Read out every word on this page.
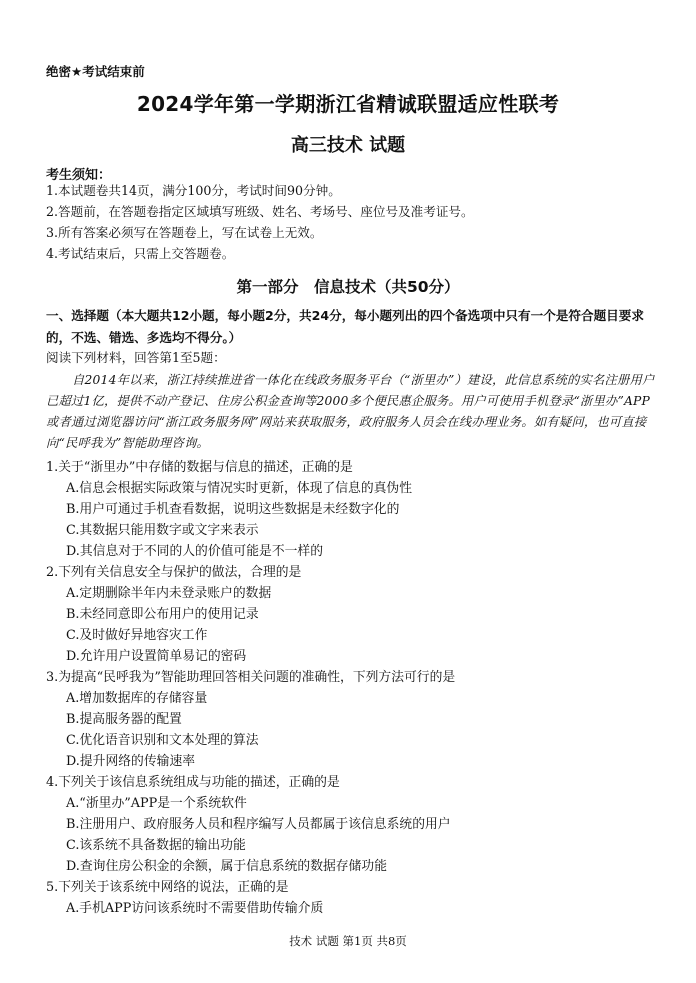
绝密★考试结束前
2024学年第一学期浙江省精诚联盟适应性联考
高三技术 试题
考生须知：
1.本试题卷共14页，满分100分，考试时间90分钟。
2.答题前，在答题卷指定区域填写班级、姓名、考场号、座位号及准考证号。
3.所有答案必须写在答题卷上，写在试卷上无效。
4.考试结束后，只需上交答题卷。
第一部分　信息技术（共50分）
一、选择题（本大题共12小题，每小题2分，共24分，每小题列出的四个备选项中只有一个是符合题目要求的，不选、错选、多选均不得分。）
阅读下列材料，回答第1至5题：
自2014年以来，浙江持续推进省一体化在线政务服务平台（“浙里办”）建设，此信息系统的实名注册用户已超过1亿，提供不动产登记、住房公积金查询等2000多个便民惠企服务。用户可使用手机登录“浙里办”APP或者通过浏览器访问“浙江政务服务网”网站来获取服务，政府服务人员会在线办理业务。如有疑问，也可直接向“民呼我为”智能助理咨询。
1.关于“浙里办”中存储的数据与信息的描述，正确的是
A.信息会根据实际政策与情况实时更新，体现了信息的真伪性
B.用户可通过手机查看数据，说明这些数据是未经数字化的
C.其数据只能用数字或文字来表示
D.其信息对于不同的人的价值可能是不一样的
2.下列有关信息安全与保护的做法，合理的是
A.定期删除半年内未登录账户的数据
B.未经同意即公布用户的使用记录
C.及时做好异地容灾工作
D.允许用户设置简单易记的密码
3.为提高“民呼我为”智能助理回答相关问题的准确性，下列方法可行的是
A.增加数据库的存储容量
B.提高服务器的配置
C.优化语音识别和文本处理的算法
D.提升网络的传输速率
4.下列关于该信息系统组成与功能的描述，正确的是
A.“浙里办”APP是一个系统软件
B.注册用户、政府服务人员和程序编写人员都属于该信息系统的用户
C.该系统不具备数据的输出功能
D.查询住房公积金的余额，属于信息系统的数据存储功能
5.下列关于该系统中网络的说法，正确的是
A.手机APP访问该系统时不需要借助传输介质
技术 试题 第1页 共8页
